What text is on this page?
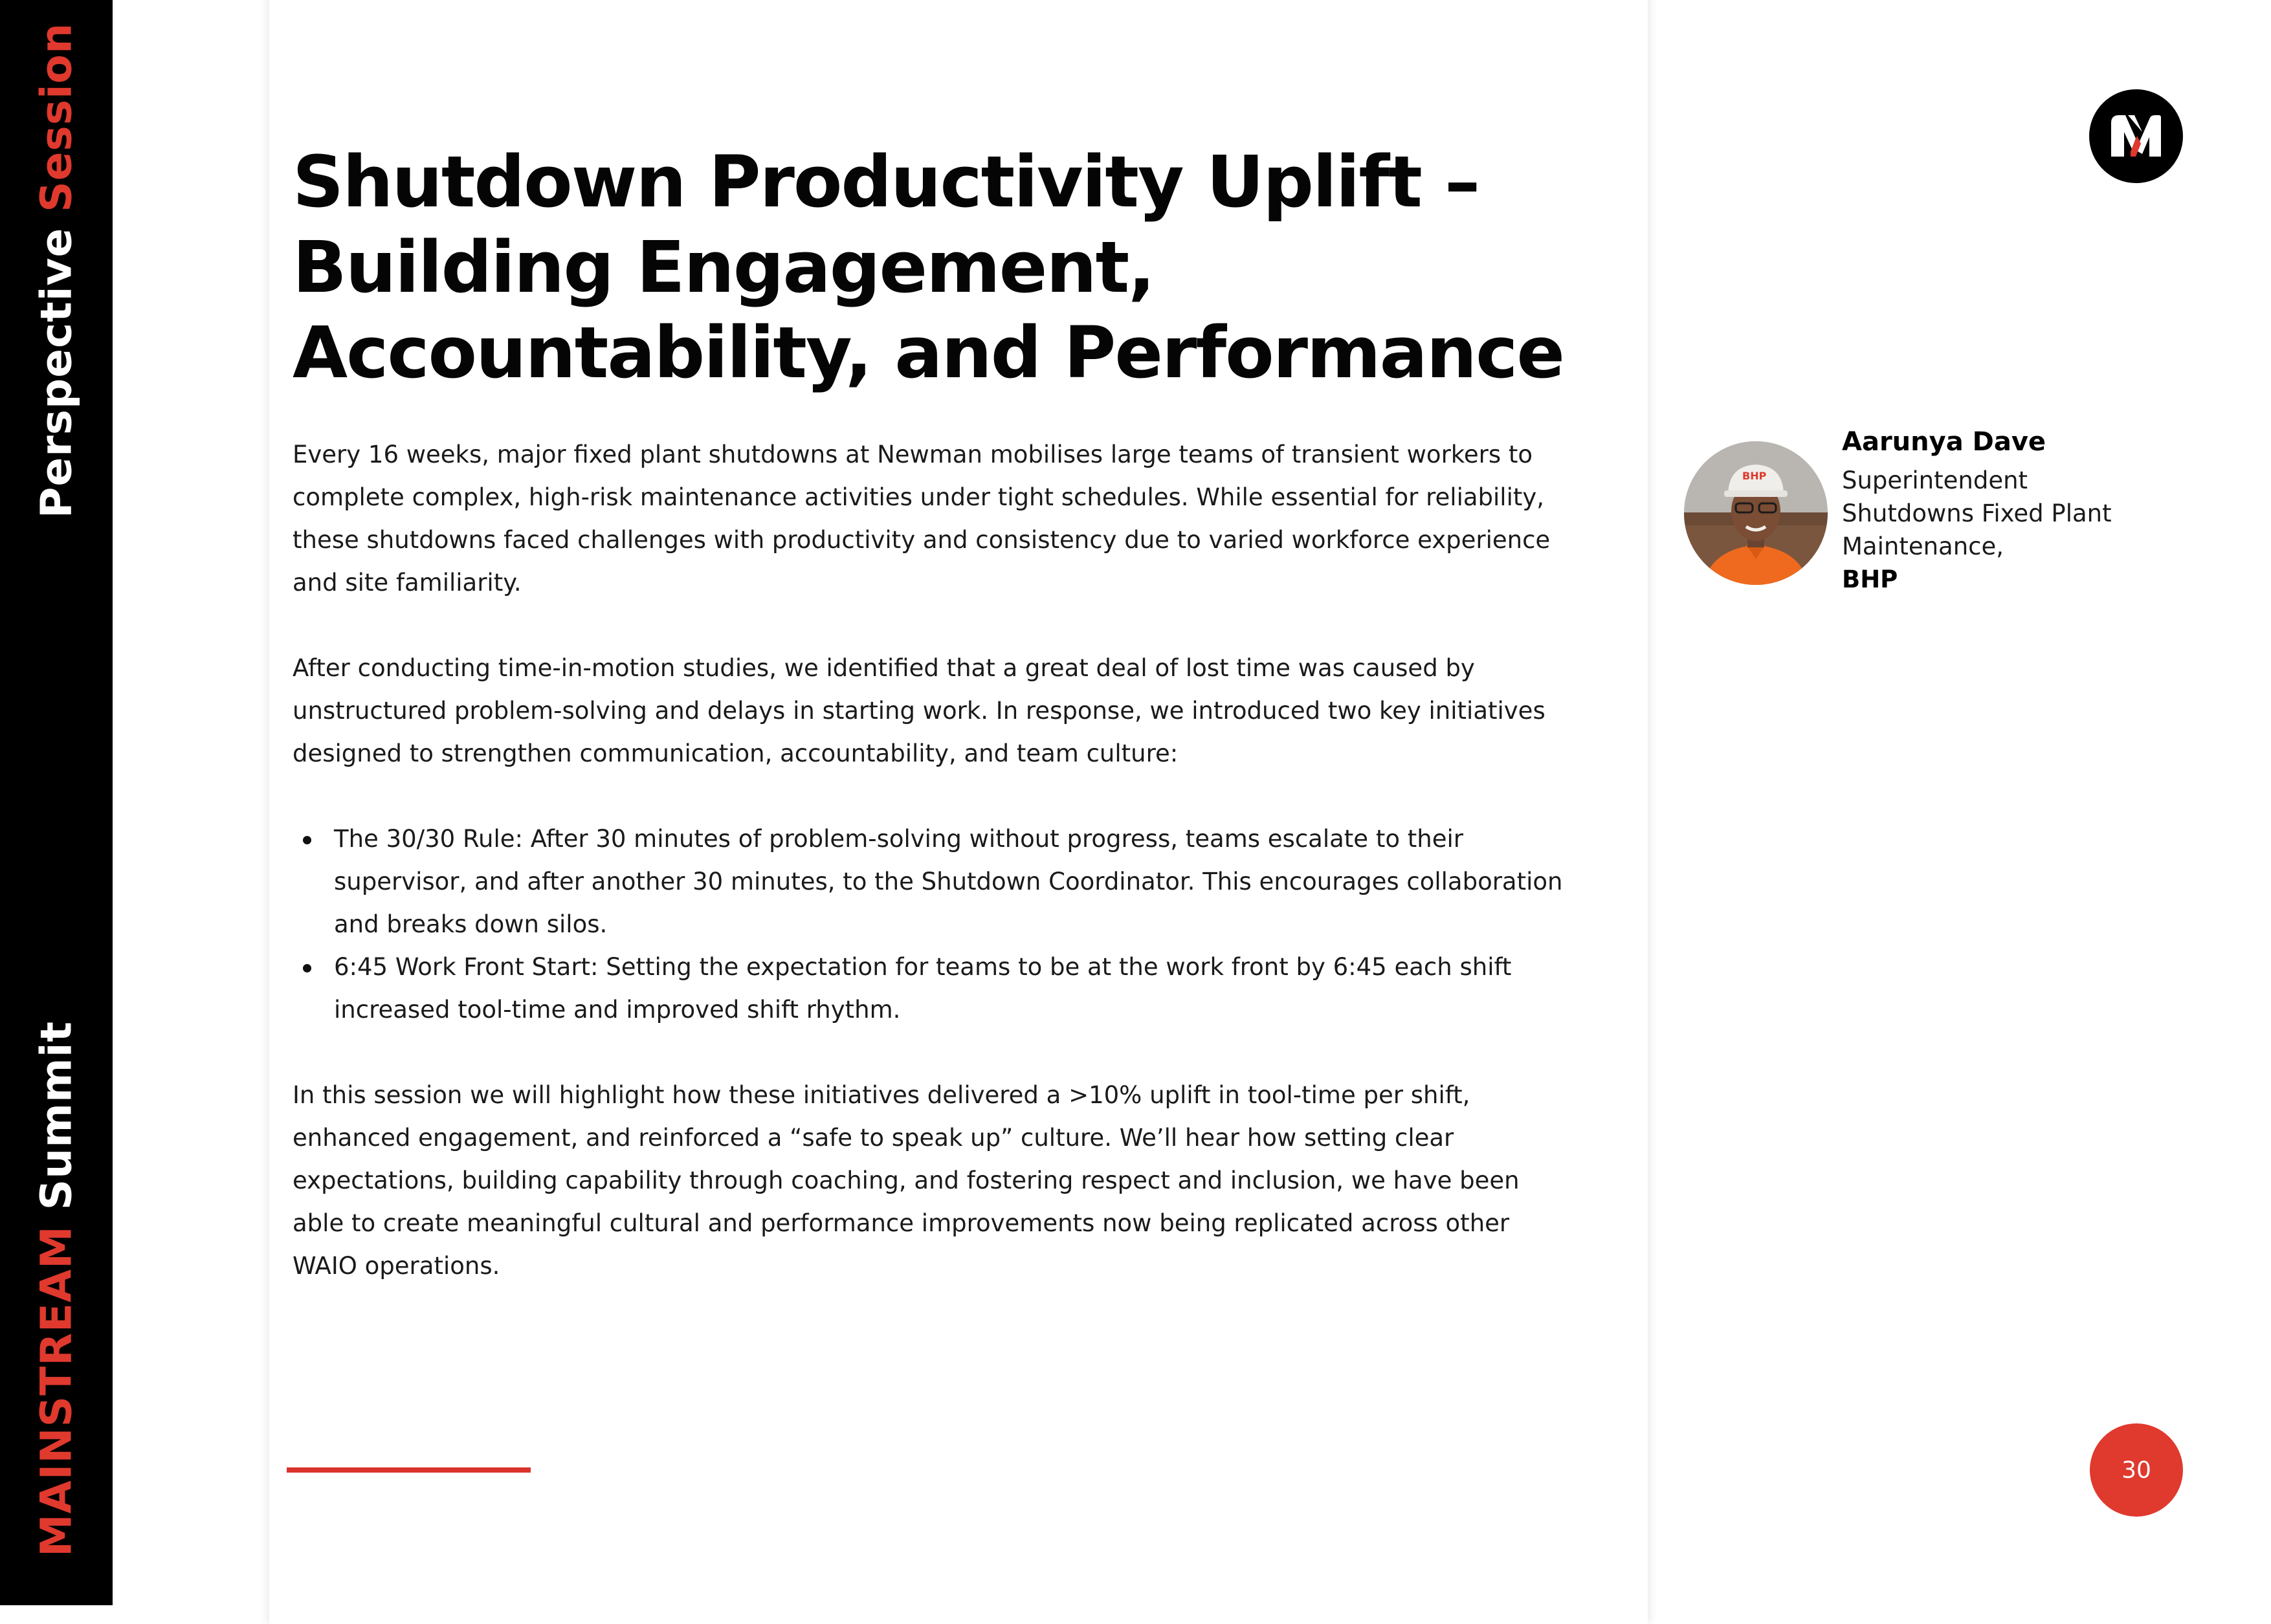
Perspective Session
MAINSTREAM Summit
Shutdown Productivity Uplift –
Building Engagement,
Accountability, and Performance

Every 16 weeks, major fixed plant shutdowns at Newman mobilises large teams of transient workers to
complete complex, high-risk maintenance activities under tight schedules. While essential for reliability,
these shutdowns faced challenges with productivity and consistency due to varied workforce experience
and site familiarity.

After conducting time-in-motion studies, we identified that a great deal of lost time was caused by
unstructured problem-solving and delays in starting work. In response, we introduced two key initiatives
designed to strengthen communication, accountability, and team culture:

The 30/30 Rule: After 30 minutes of problem-solving without progress, teams escalate to their
supervisor, and after another 30 minutes, to the Shutdown Coordinator. This encourages collaboration
and breaks down silos.
6:45 Work Front Start: Setting the expectation for teams to be at the work front by 6:45 each shift
increased tool-time and improved shift rhythm.

In this session we will highlight how these initiatives delivered a >10% uplift in tool-time per shift,
enhanced engagement, and reinforced a “safe to speak up” culture. We’ll hear how setting clear
expectations, building capability through coaching, and fostering respect and inclusion, we have been
able to create meaningful cultural and performance improvements now being replicated across other
WAIO operations.

BHP
Aarunya Dave
Superintendent
Shutdowns Fixed Plant
Maintenance,
BHP
30
